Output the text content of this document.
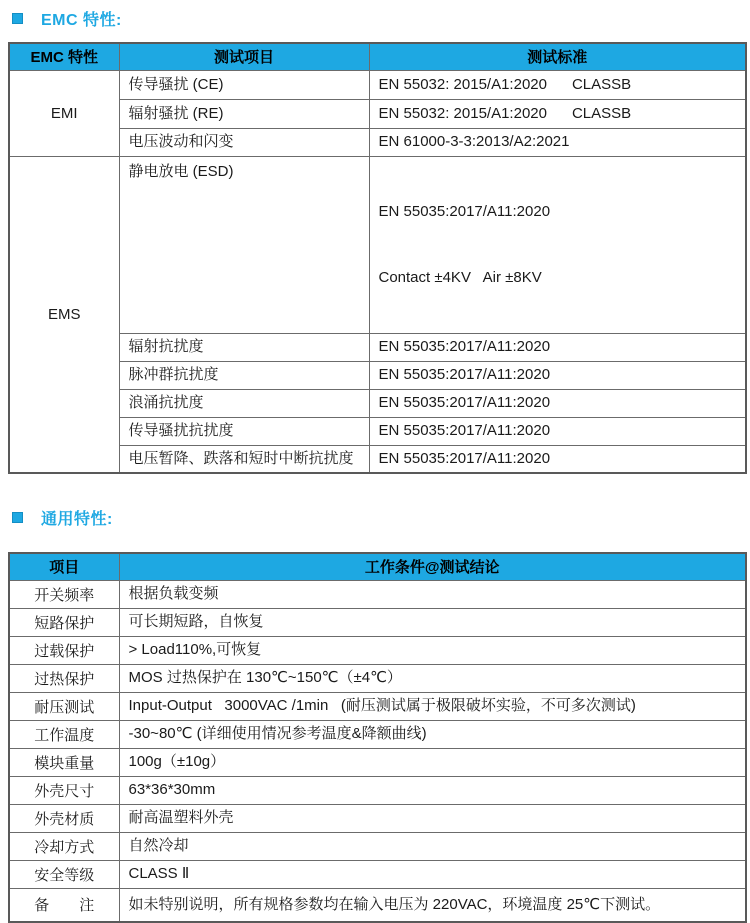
EMC 特性:
EMC 特性	测试项目	测试标准
EMI	传导骚扰 (CE)	EN 55032: 2015/A1:2020      CLASSB
	辐射骚扰 (RE)	EN 55032: 2015/A1:2020      CLASSB
	电压波动和闪变	EN 61000-3-3:2013/A2:2021
EMS	静电放电 (ESD)	EN 55035:2017/A11:2020

Contact ±4KV   Air ±8KV

	辐射抗扰度	EN 55035:2017/A11:2020
	脉冲群抗扰度	EN 55035:2017/A11:2020
	浪涌抗扰度	EN 55035:2017/A11:2020
	传导骚扰抗扰度	EN 55035:2017/A11:2020
	电压暂降、跌落和短时中断抗扰度	EN 55035:2017/A11:2020
通用特性:
项目	工作条件@测试结论
开关频率	根据负载变频
短路保护	可长期短路，自恢复
过载保护	> Load110%,可恢复
过热保护	MOS 过热保护在 130℃~150℃（±4℃）
耐压测试	Input-Output   3000VAC /1min   (耐压测试属于极限破坏实验，不可多次测试)
工作温度	-30~80℃ (详细使用情况参考温度&降额曲线)
模块重量	100g（±10g）
外壳尺寸	63*36*30mm
外壳材质	耐高温塑料外壳
冷却方式	自然冷却
安全等级	CLASS Ⅱ
备　　注	如未特别说明，所有规格参数均在输入电压为 220VAC，环境温度 25℃下测试。
